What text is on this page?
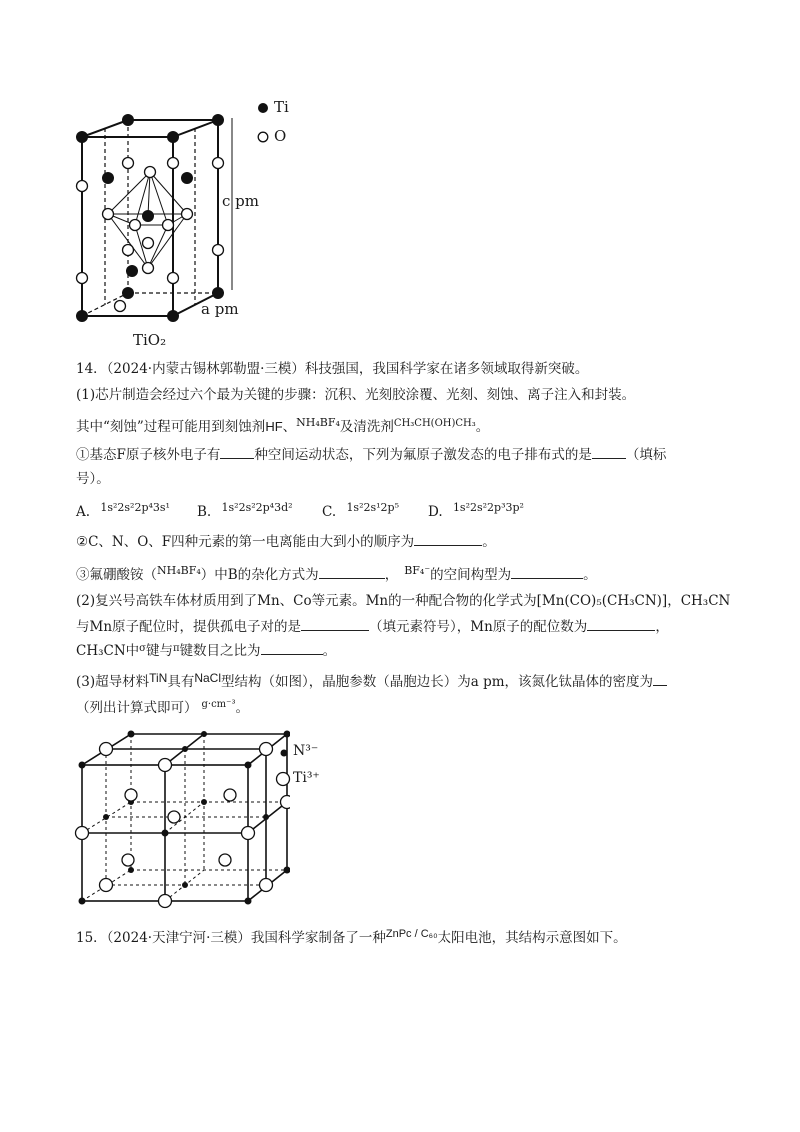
Ti
O
c pm
a pm
TiO₂
14．（2024·内蒙古锡林郭勒盟·三模）科技强国，我国科学家在诸多领域取得新突破。
(1)芯片制造会经过六个最为关键的步骤：沉积、光刻胶涂覆、光刻、刻蚀、离子注入和封装。
其中“刻蚀”过程可能用到刻蚀剂HF、$^{NH_4BF_4}$及清洗剂$^{CH_3CH(OH)CH_3}$。
①基态F原子核外电子有	种空间运动状态，下列为氟原子激发态的电子排布式的是	（填标
号）。
A. $^{1s^22s^22p^43s^1}$ B. $^{1s^22s^22p^43d^2}$ C. $^{1s^22s^12p^5}$ D. $^{1s^22s^22p^33p^2}$
②C、N、O、F四种元素的第一电离能由大到小的顺序为	。
③氟硼酸铵（$^{NH_4BF_4}$）中B的杂化方式为	， $^{BF_4^-}$的空间构型为	。
(2)复兴号高铁车体材质用到了Mn、Co等元素。Mn的一种配合物的化学式为[Mn(CO)₅(CH₃CN)]，CH₃CN
与Mn原子配位时，提供孤电子对的是	（填元素符号），Mn原子的配位数为	，
CH₃CN中$^\sigma$键与$^\pi$键数目之比为	。
(3)超导材料TiN具有NaCl型结构（如图），晶胞参数（晶胞边长）为a pm，该氮化钛晶体的密度为
（列出计算式即可） $^{g\cdot cm^{-3}}$。
N³⁻
Ti³⁺
15．（2024·天津宁河·三模）我国科学家制备了一种$^{ZnPc / C_{60}}$太阳电池，其结构示意图如下。
